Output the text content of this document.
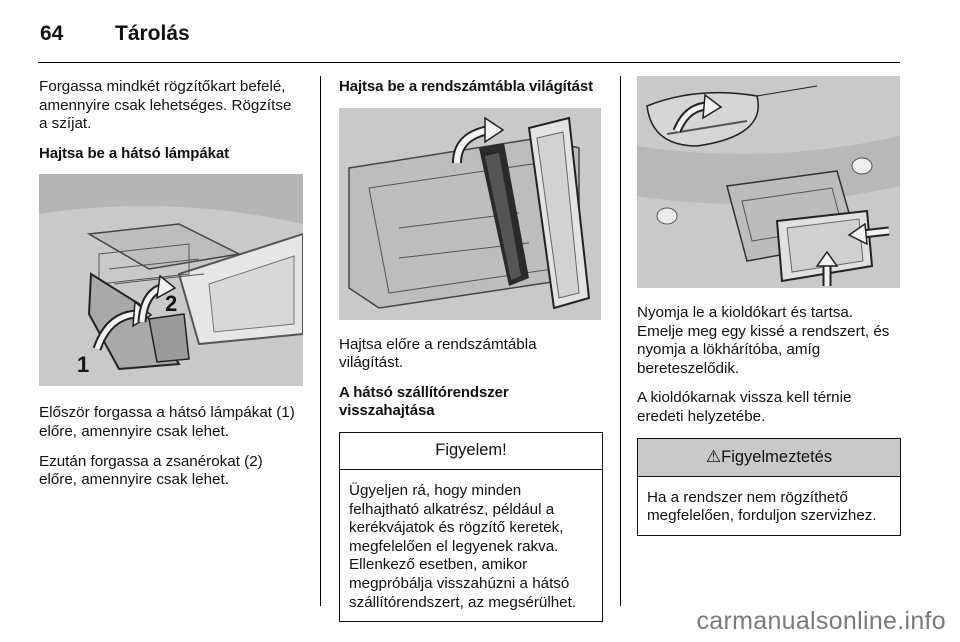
64 Tárolás

Forgassa mindkét rögzítőkart befelé, amennyire csak lehetséges. Rögzítse a szíjat.

Hajtsa be a hátsó lámpákat
1
2

Először forgassa a hátsó lámpákat (1) előre, amennyire csak lehet.

Ezután forgassa a zsanérokat (2) előre, amennyire csak lehet.

Hajtsa be a rendszámtábla világítást

Hajtsa előre a rendszámtábla világítást.

A hátsó szállítórendszer visszahajtása
Figyelem!
Ügyeljen rá, hogy minden felhajtható alkatrész, például a kerékvájatok és rögzítő keretek, megfelelően el legyenek rakva. Ellenkező esetben, amikor megpróbálja visszahúzni a hátsó szállítórendszert, az megsérülhet.

Nyomja le a kioldókart és tartsa. Emelje meg egy kissé a rendszert, és nyomja a lökhárítóba, amíg bereteszelődik.

A kioldókarnak vissza kell térnie eredeti helyzetébe.

⚠Figyelmeztetés
Ha a rendszer nem rögzíthető megfelelően, forduljon szervizhez.
carmanualsonline.info
